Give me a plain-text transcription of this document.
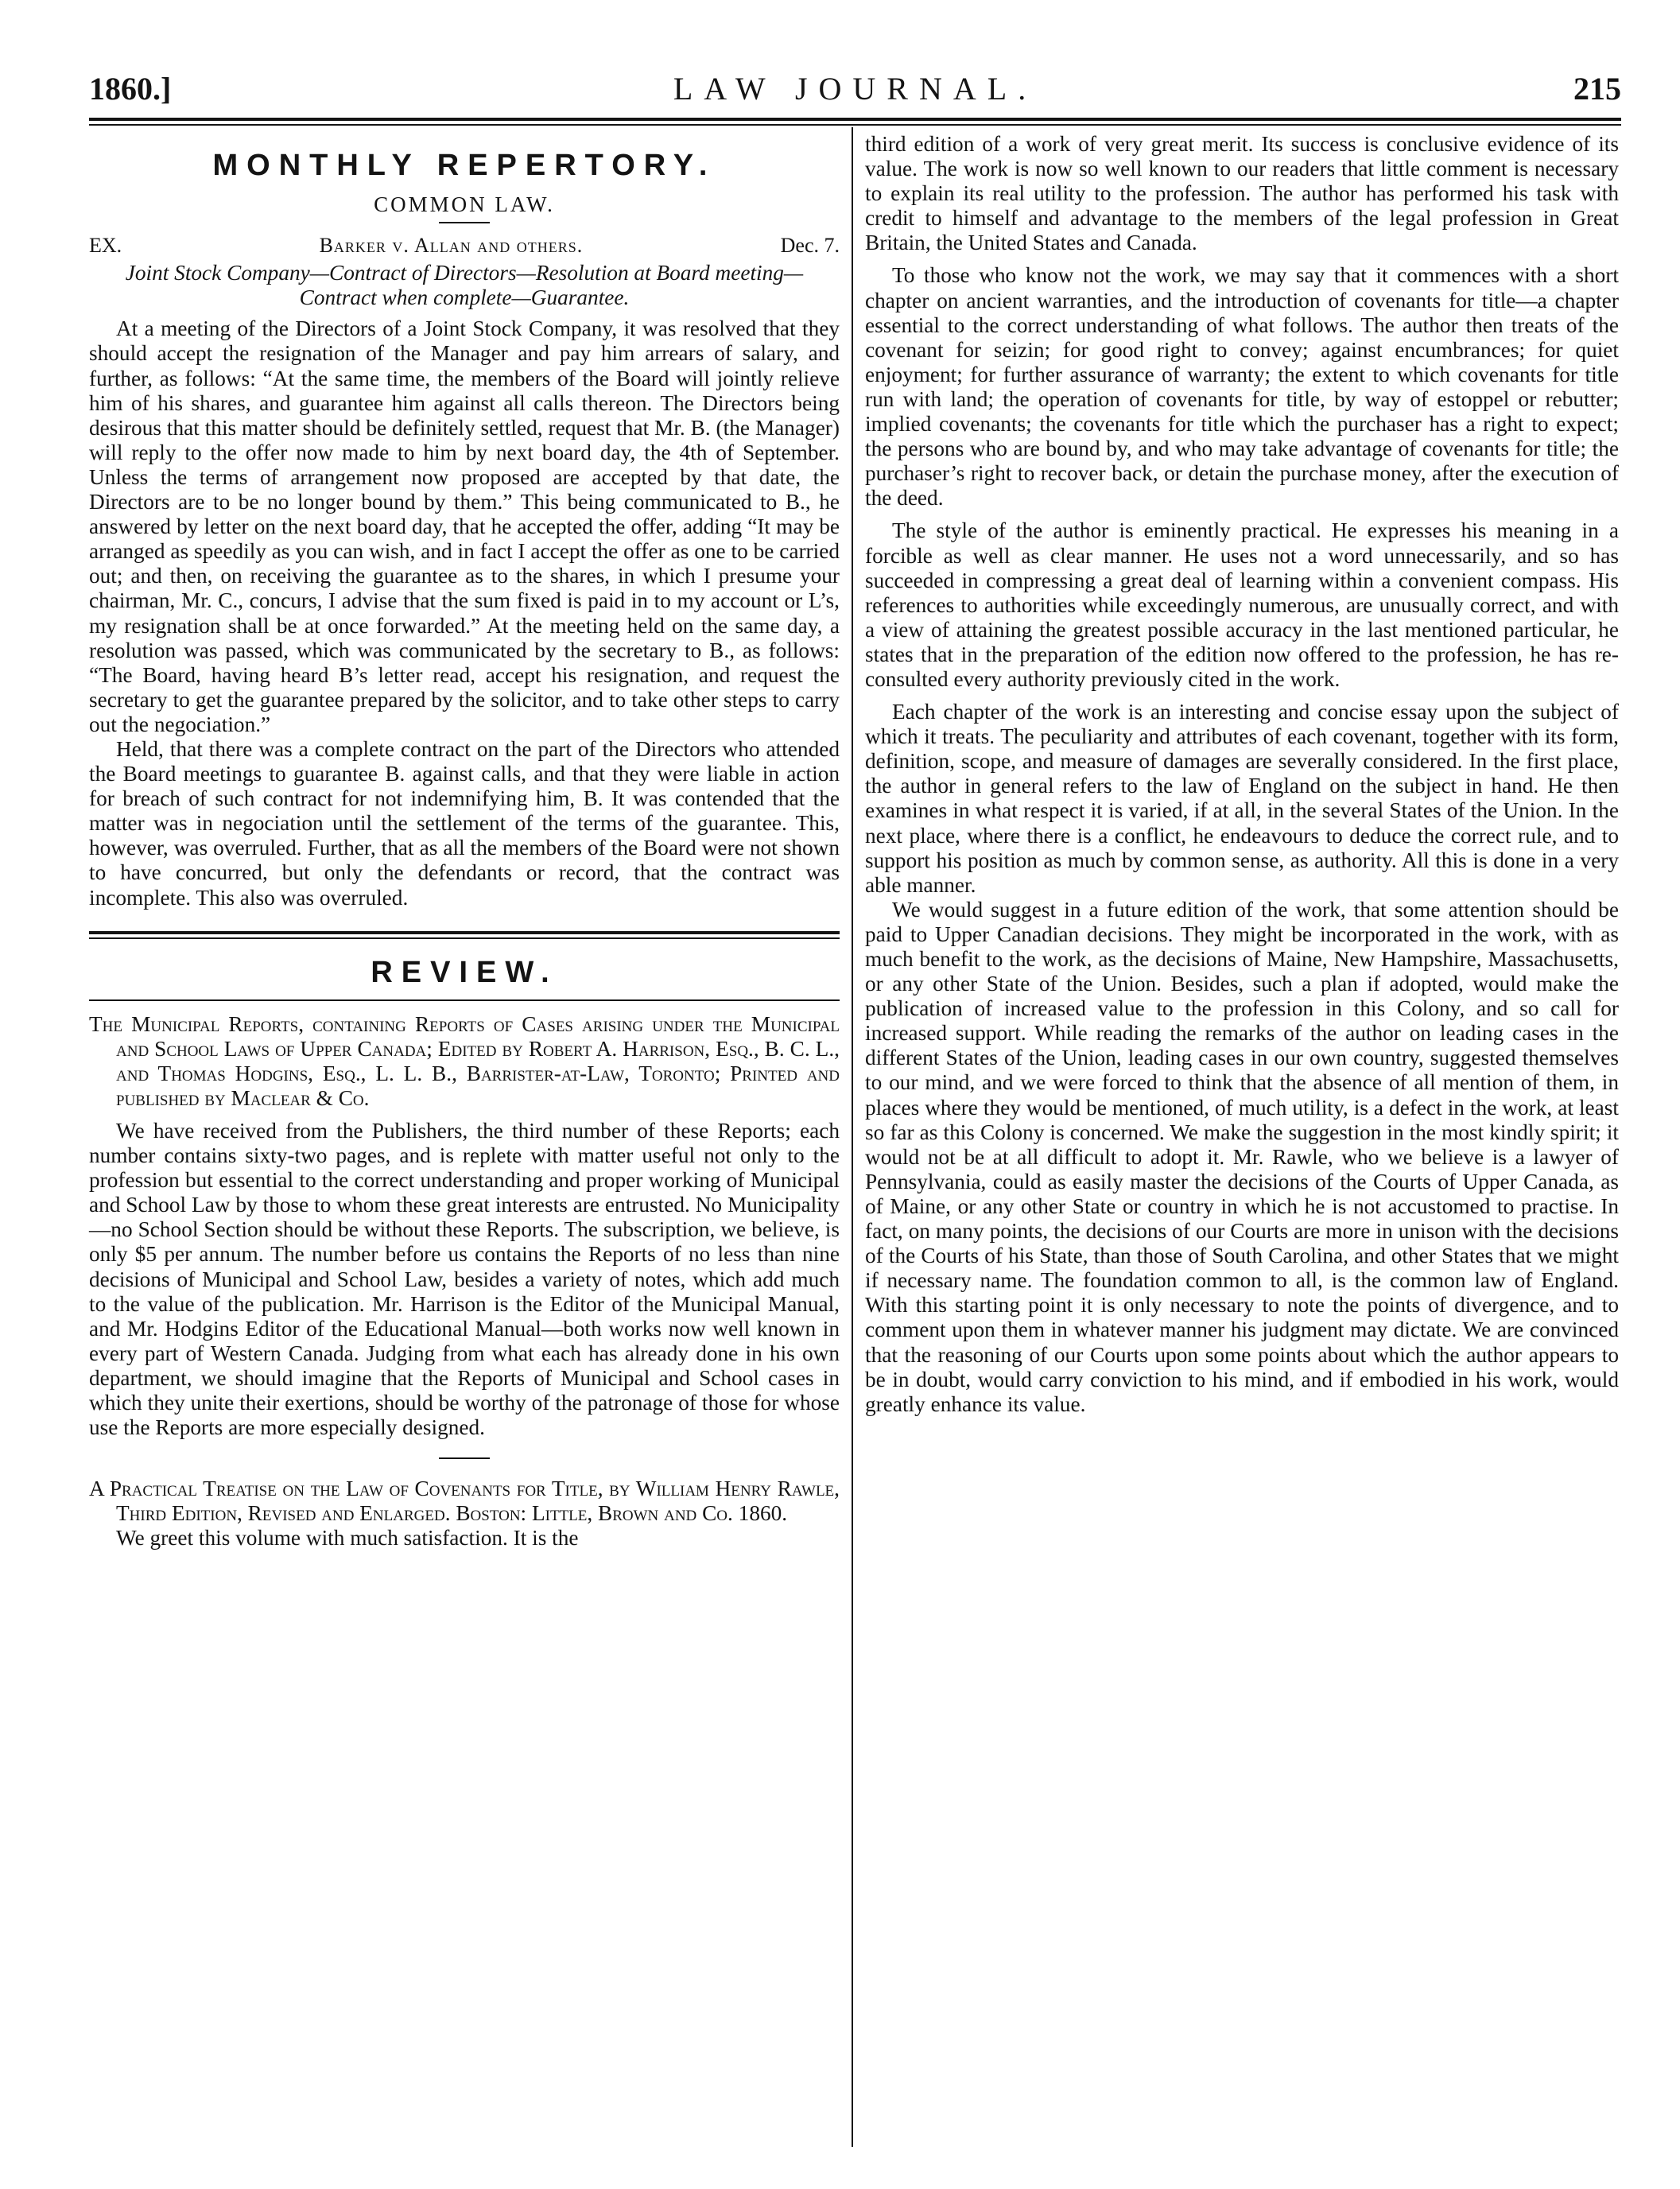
1860.]	LAW JOURNAL.	215
MONTHLY REPERTORY.
COMMON LAW.
EX.	Barker v. Allan and others.	Dec. 7.
Joint Stock Company—Contract of Directors—Resolution at Board meeting—Contract when complete—Guarantee.

At a meeting of the Directors of a Joint Stock Company, it was resolved that they should accept the resignation of the Manager and pay him arrears of salary, and further, as follows: “At the same time, the members of the Board will jointly relieve him of his shares, and guarantee him against all calls thereon. The Directors being desirous that this matter should be definitely settled, request that Mr. B. (the Manager) will reply to the offer now made to him by next board day, the 4th of September. Unless the terms of arrangement now proposed are accepted by that date, the Directors are to be no longer bound by them.” This being communicated to B., he answered by letter on the next board day, that he accepted the offer, adding “It may be arranged as speedily as you can wish, and in fact I accept the offer as one to be carried out; and then, on receiving the guarantee as to the shares, in which I presume your chairman, Mr. C., concurs, I advise that the sum fixed is paid in to my account or L’s, my resignation shall be at once forwarded.” At the meeting held on the same day, a resolution was passed, which was communicated by the secretary to B., as follows: “The Board, having heard B’s letter read, accept his resignation, and request the secretary to get the guarantee prepared by the solicitor, and to take other steps to carry out the negociation.”

Held, that there was a complete contract on the part of the Directors who attended the Board meetings to guarantee B. against calls, and that they were liable in action for breach of such contract for not indemnifying him, B. It was contended that the matter was in negociation until the settlement of the terms of the guarantee. This, however, was overruled. Further, that as all the members of the Board were not shown to have concurred, but only the defendants or record, that the contract was incomplete. This also was overruled.

REVIEW.

The Municipal Reports, containing Reports of Cases arising under the Municipal and School Laws of Upper Canada; Edited by Robert A. Harrison, Esq., B. C. L., and Thomas Hodgins, Esq., L. L. B., Barrister-at-Law, Toronto; Printed and published by Maclear & Co.

We have received from the Publishers, the third number of these Reports; each number contains sixty-two pages, and is replete with matter useful not only to the profession but essential to the correct understanding and proper working of Municipal and School Law by those to whom these great interests are entrusted. No Municipality—no School Section should be without these Reports. The subscription, we believe, is only $5 per annum. The number before us contains the Reports of no less than nine decisions of Municipal and School Law, besides a variety of notes, which add much to the value of the publication. Mr. Harrison is the Editor of the Municipal Manual, and Mr. Hodgins Editor of the Educational Manual—both works now well known in every part of Western Canada. Judging from what each has already done in his own department, we should imagine that the Reports of Municipal and School cases in which they unite their exertions, should be worthy of the patronage of those for whose use the Reports are more especially designed.

A Practical Treatise on the Law of Covenants for Title, by William Henry Rawle, Third Edition, Revised and Enlarged. Boston: Little, Brown and Co. 1860.

We greet this volume with much satisfaction. It is the

third edition of a work of very great merit. Its success is conclusive evidence of its value. The work is now so well known to our readers that little comment is necessary to explain its real utility to the profession. The author has performed his task with credit to himself and advantage to the members of the legal profession in Great Britain, the United States and Canada.

To those who know not the work, we may say that it commences with a short chapter on ancient warranties, and the introduction of covenants for title—a chapter essential to the correct understanding of what follows. The author then treats of the covenant for seizin; for good right to convey; against encumbrances; for quiet enjoyment; for further assurance of warranty; the extent to which covenants for title run with land; the operation of covenants for title, by way of estoppel or rebutter; implied covenants; the covenants for title which the purchaser has a right to expect; the persons who are bound by, and who may take advantage of covenants for title; the purchaser’s right to recover back, or detain the purchase money, after the execution of the deed.

The style of the author is eminently practical. He expresses his meaning in a forcible as well as clear manner. He uses not a word unnecessarily, and so has succeeded in compressing a great deal of learning within a convenient compass. His references to authorities while exceedingly numerous, are unusually correct, and with a view of attaining the greatest possible accuracy in the last mentioned particular, he states that in the preparation of the edition now offered to the profession, he has re-consulted every authority previously cited in the work.

Each chapter of the work is an interesting and concise essay upon the subject of which it treats. The peculiarity and attributes of each covenant, together with its form, definition, scope, and measure of damages are severally considered. In the first place, the author in general refers to the law of England on the subject in hand. He then examines in what respect it is varied, if at all, in the several States of the Union. In the next place, where there is a conflict, he endeavours to deduce the correct rule, and to support his position as much by common sense, as authority. All this is done in a very able manner.

We would suggest in a future edition of the work, that some attention should be paid to Upper Canadian decisions. They might be incorporated in the work, with as much benefit to the work, as the decisions of Maine, New Hampshire, Massachusetts, or any other State of the Union. Besides, such a plan if adopted, would make the publication of increased value to the profession in this Colony, and so call for increased support. While reading the remarks of the author on leading cases in the different States of the Union, leading cases in our own country, suggested themselves to our mind, and we were forced to think that the absence of all mention of them, in places where they would be mentioned, of much utility, is a defect in the work, at least so far as this Colony is concerned. We make the suggestion in the most kindly spirit; it would not be at all difficult to adopt it. Mr. Rawle, who we believe is a lawyer of Pennsylvania, could as easily master the decisions of the Courts of Upper Canada, as of Maine, or any other State or country in which he is not accustomed to practise. In fact, on many points, the decisions of our Courts are more in unison with the decisions of the Courts of his State, than those of South Carolina, and other States that we might if necessary name. The foundation common to all, is the common law of England. With this starting point it is only necessary to note the points of divergence, and to comment upon them in whatever manner his judgment may dictate. We are convinced that the reasoning of our Courts upon some points about which the author appears to be in doubt, would carry conviction to his mind, and if embodied in his work, would greatly enhance its value.
